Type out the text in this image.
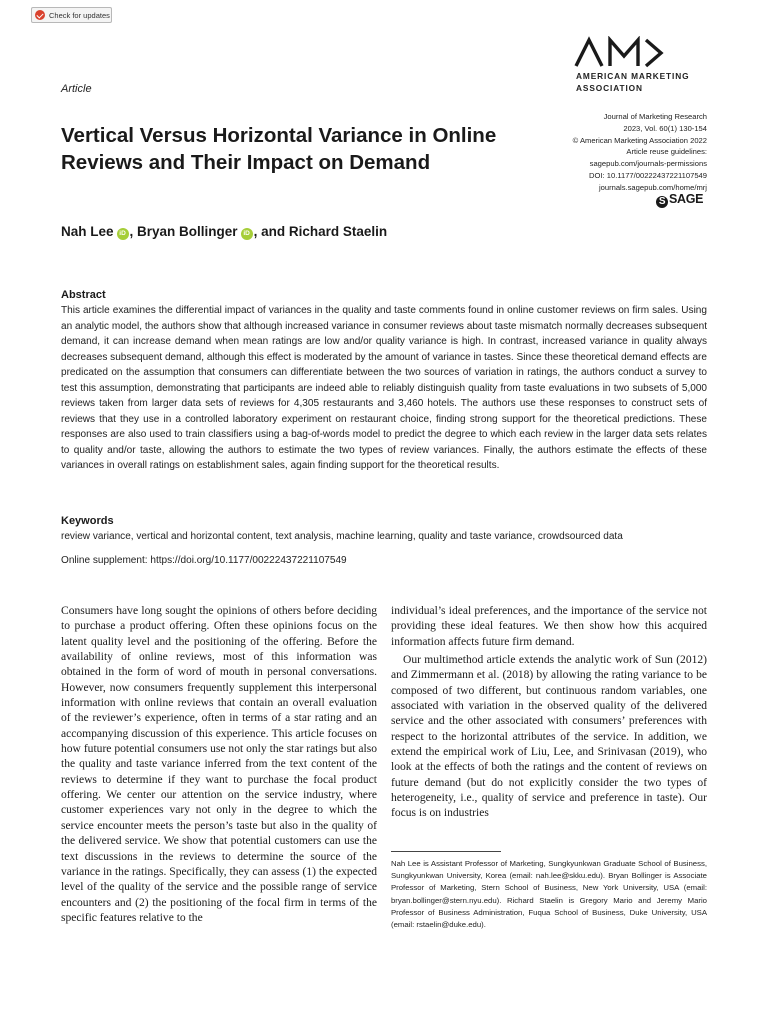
Check for updates
AMERICAN MARKETING
ASSOCIATION
Article
Vertical Versus Horizontal Variance in Online Reviews and Their Impact on Demand
Journal of Marketing Research
2023, Vol. 60(1) 130-154
© American Marketing Association 2022
Article reuse guidelines:
sagepub.com/journals-permissions
DOI: 10.1177/00222437221107549
journals.sagepub.com/home/mrj
S SAGE
Nah Lee iD , Bryan Bollinger iD , and Richard Staelin
Abstract
This article examines the differential impact of variances in the quality and taste comments found in online customer reviews on firm sales. Using an analytic model, the authors show that although increased variance in consumer reviews about taste mismatch normally decreases subsequent demand, it can increase demand when mean ratings are low and/or quality variance is high. In contrast, increased variance in quality always decreases subsequent demand, although this effect is moderated by the amount of variance in tastes. Since these theoretical demand effects are predicated on the assumption that consumers can differentiate between the two sources of variation in ratings, the authors conduct a survey to test this assumption, demonstrating that participants are indeed able to reliably distinguish quality from taste evaluations in two subsets of 5,000 reviews taken from larger data sets of reviews for 4,305 restaurants and 3,460 hotels. The authors use these responses to construct sets of reviews that they use in a controlled laboratory experiment on restaurant choice, finding strong support for the theoretical predictions. These responses are also used to train classifiers using a bag-of-words model to predict the degree to which each review in the larger data sets relates to quality and/or taste, allowing the authors to estimate the two types of review variances. Finally, the authors estimate the effects of these variances in overall ratings on establishment sales, again finding support for the theoretical results.
Keywords
review variance, vertical and horizontal content, text analysis, machine learning, quality and taste variance, crowdsourced data
Online supplement: https://doi.org/10.1177/00222437221107549

Consumers have long sought the opinions of others before deciding to purchase a product offering. Often these opinions focus on the latent quality level and the positioning of the offering. Before the availability of online reviews, most of this information was obtained in the form of word of mouth in personal conversations. However, now consumers frequently supplement this interpersonal information with online reviews that contain an overall evaluation of the reviewer’s experience, often in terms of a star rating and an accompanying discussion of this experience. This article focuses on how future potential consumers use not only the star ratings but also the quality and taste variance inferred from the text content of the reviews to determine if they want to purchase the focal product offering. We center our attention on the service industry, where customer experiences vary not only in the degree to which the service encounter meets the person’s taste but also in the quality of the delivered service. We show that potential customers can use the text discussions in the reviews to determine the source of the variance in the ratings. Specifically, they can assess (1) the expected level of the quality of the service and the possible range of service encounters and (2) the positioning of the focal firm in terms of the specific features relative to the

individual’s ideal preferences, and the importance of the service not providing these ideal features. We then show how this acquired information affects future firm demand.

Our multimethod article extends the analytic work of Sun (2012) and Zimmermann et al. (2018) by allowing the rating variance to be composed of two different, but continuous random variables, one associated with variation in the observed quality of the delivered service and the other associated with consumers’ preferences with respect to the horizontal attributes of the service. In addition, we extend the empirical work of Liu, Lee, and Srinivasan (2019), who look at the effects of both the ratings and the content of reviews on future demand (but do not explicitly consider the two types of heterogeneity, i.e., quality of service and preference in taste). Our focus is on industries

Nah Lee is Assistant Professor of Marketing, Sungkyunkwan Graduate School of Business, Sungkyunkwan University, Korea (email: nah.lee@skku.edu). Bryan Bollinger is Associate Professor of Marketing, Stern School of Business, New York University, USA (email: bryan.bollinger@stern.nyu.edu). Richard Staelin is Gregory Mario and Jeremy Mario Professor of Business Administration, Fuqua School of Business, Duke University, USA (email: rstaelin@duke.edu).
